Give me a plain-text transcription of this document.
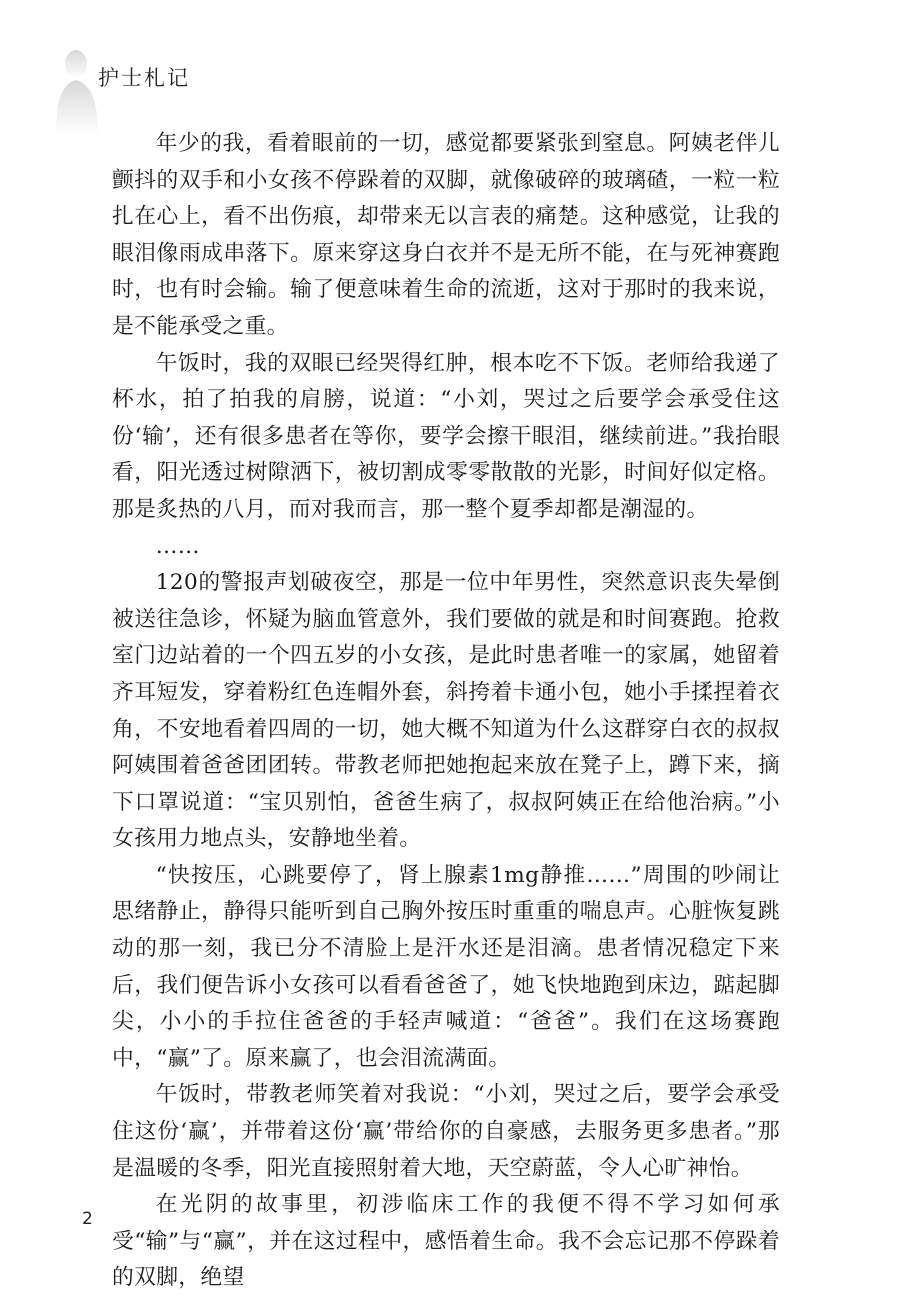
护士札记

年少的我，看着眼前的一切，感觉都要紧张到窒息。阿姨老伴儿颤抖的双手和小女孩不停跺着的双脚，就像破碎的玻璃碴，一粒一粒扎在心上，看不出伤痕，却带来无以言表的痛楚。这种感觉，让我的眼泪像雨成串落下。原来穿这身白衣并不是无所不能，在与死神赛跑时，也有时会输。输了便意味着生命的流逝，这对于那时的我来说，是不能承受之重。

午饭时，我的双眼已经哭得红肿，根本吃不下饭。老师给我递了杯水，拍了拍我的肩膀，说道：“小刘，哭过之后要学会承受住这份‘输’，还有很多患者在等你，要学会擦干眼泪，继续前进。”我抬眼看，阳光透过树隙洒下，被切割成零零散散的光影，时间好似定格。那是炙热的八月，而对我而言，那一整个夏季却都是潮湿的。

……

120的警报声划破夜空，那是一位中年男性，突然意识丧失晕倒被送往急诊，怀疑为脑血管意外，我们要做的就是和时间赛跑。抢救室门边站着的一个四五岁的小女孩，是此时患者唯一的家属，她留着齐耳短发，穿着粉红色连帽外套，斜挎着卡通小包，她小手揉捏着衣角，不安地看着四周的一切，她大概不知道为什么这群穿白衣的叔叔阿姨围着爸爸团团转。带教老师把她抱起来放在凳子上，蹲下来，摘下口罩说道：“宝贝别怕，爸爸生病了，叔叔阿姨正在给他治病。”小女孩用力地点头，安静地坐着。

“快按压，心跳要停了，肾上腺素1mg静推……”周围的吵闹让思绪静止，静得只能听到自己胸外按压时重重的喘息声。心脏恢复跳动的那一刻，我已分不清脸上是汗水还是泪滴。患者情况稳定下来后，我们便告诉小女孩可以看看爸爸了，她飞快地跑到床边，踮起脚尖，小小的手拉住爸爸的手轻声喊道：“爸爸”。我们在这场赛跑中，“赢”了。原来赢了，也会泪流满面。

午饭时，带教老师笑着对我说：“小刘，哭过之后，要学会承受住这份‘赢’，并带着这份‘赢’带给你的自豪感，去服务更多患者。”那是温暖的冬季，阳光直接照射着大地，天空蔚蓝，令人心旷神怡。

在光阴的故事里，初涉临床工作的我便不得不学习如何承受“输”与“赢”，并在这过程中，感悟着生命。我不会忘记那不停跺着的双脚，绝望

2
